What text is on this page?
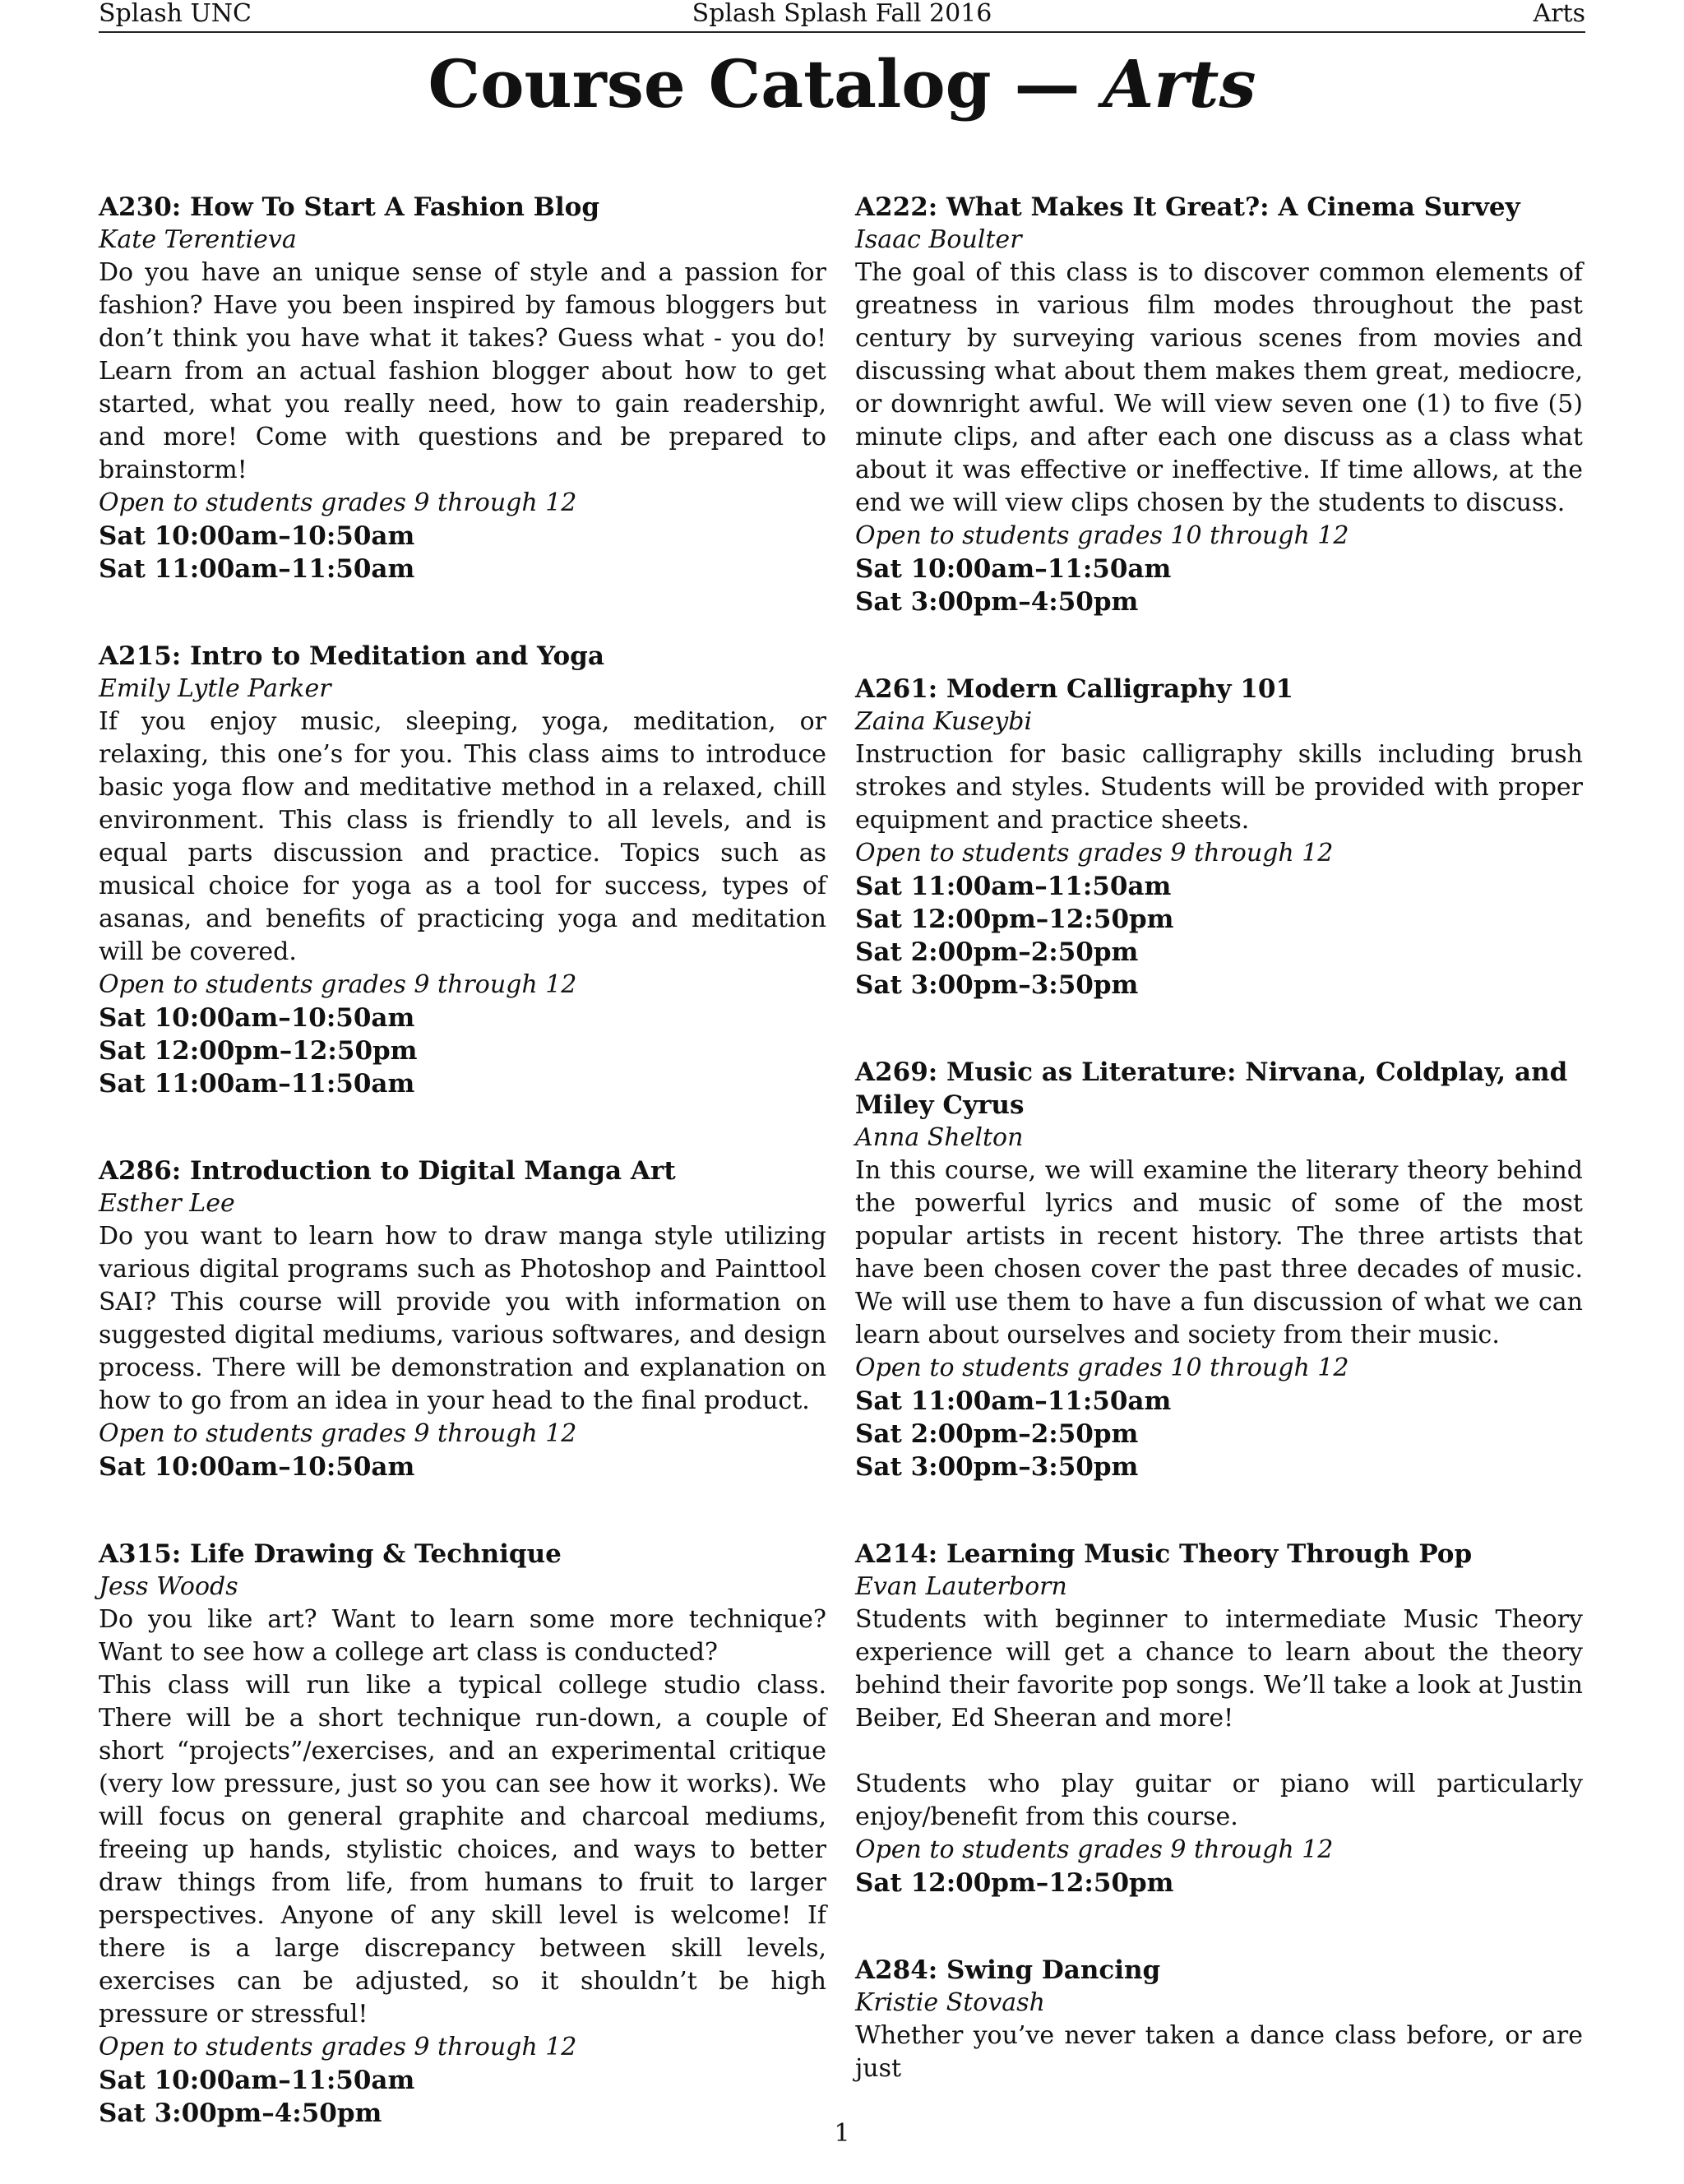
Splash UNC	Splash Splash Fall 2016	Arts
Course Catalog — Arts
A230: How To Start A Fashion Blog
Kate Terentieva

Do you have an unique sense of style and a passion for fashion? Have you been inspired by famous bloggers but don’t think you have what it takes? Guess what - you do! Learn from an actual fashion blogger about how to get started, what you really need, how to gain readership, and more! Come with questions and be prepared to brainstorm!

Open to students grades 9 through 12
Sat 10:00am–10:50am
Sat 11:00am–11:50am
A215: Intro to Meditation and Yoga
Emily Lytle Parker

If you enjoy music, sleeping, yoga, meditation, or relaxing, this one’s for you. This class aims to introduce basic yoga flow and meditative method in a relaxed, chill environment. This class is friendly to all levels, and is equal parts discussion and practice. Topics such as musical choice for yoga as a tool for success, types of asanas, and benefits of practicing yoga and meditation will be covered.

Open to students grades 9 through 12
Sat 10:00am–10:50am
Sat 12:00pm–12:50pm
Sat 11:00am–11:50am
A286: Introduction to Digital Manga Art
Esther Lee

Do you want to learn how to draw manga style utilizing various digital programs such as Photoshop and Painttool SAI? This course will provide you with information on suggested digital mediums, various softwares, and design process. There will be demonstration and explanation on how to go from an idea in your head to the final product.

Open to students grades 9 through 12
Sat 10:00am–10:50am
A315: Life Drawing & Technique
Jess Woods

Do you like art? Want to learn some more technique? Want to see how a college art class is conducted?

This class will run like a typical college studio class. There will be a short technique run-down, a couple of short “projects”/exercises, and an experimental critique (very low pressure, just so you can see how it works). We will focus on general graphite and charcoal mediums, freeing up hands, stylistic choices, and ways to better draw things from life, from humans to fruit to larger perspectives. Anyone of any skill level is welcome! If there is a large discrepancy between skill levels, exercises can be adjusted, so it shouldn’t be high pressure or stressful!

Open to students grades 9 through 12
Sat 10:00am–11:50am
Sat 3:00pm–4:50pm
A222: What Makes It Great?: A Cinema Survey
Isaac Boulter

The goal of this class is to discover common elements of greatness in various film modes throughout the past century by surveying various scenes from movies and discussing what about them makes them great, mediocre, or downright awful. We will view seven one (1) to five (5) minute clips, and after each one discuss as a class what about it was effective or ineffective. If time allows, at the end we will view clips chosen by the students to discuss.

Open to students grades 10 through 12
Sat 10:00am–11:50am
Sat 3:00pm–4:50pm
A261: Modern Calligraphy 101
Zaina Kuseybi

Instruction for basic calligraphy skills including brush strokes and styles. Students will be provided with proper equipment and practice sheets.

Open to students grades 9 through 12
Sat 11:00am–11:50am
Sat 12:00pm–12:50pm
Sat 2:00pm–2:50pm
Sat 3:00pm–3:50pm
A269: Music as Literature: Nirvana, Coldplay, and Miley Cyrus
Anna Shelton

In this course, we will examine the literary theory behind the powerful lyrics and music of some of the most popular artists in recent history. The three artists that have been chosen cover the past three decades of music. We will use them to have a fun discussion of what we can learn about ourselves and society from their music.

Open to students grades 10 through 12
Sat 11:00am–11:50am
Sat 2:00pm–2:50pm
Sat 3:00pm–3:50pm
A214: Learning Music Theory Through Pop
Evan Lauterborn

Students with beginner to intermediate Music Theory experience will get a chance to learn about the theory behind their favorite pop songs. We’ll take a look at Justin Beiber, Ed Sheeran and more!

Students who play guitar or piano will particularly enjoy/benefit from this course.

Open to students grades 9 through 12
Sat 12:00pm–12:50pm
A284: Swing Dancing
Kristie Stovash

Whether you’ve never taken a dance class before, or are just

1
